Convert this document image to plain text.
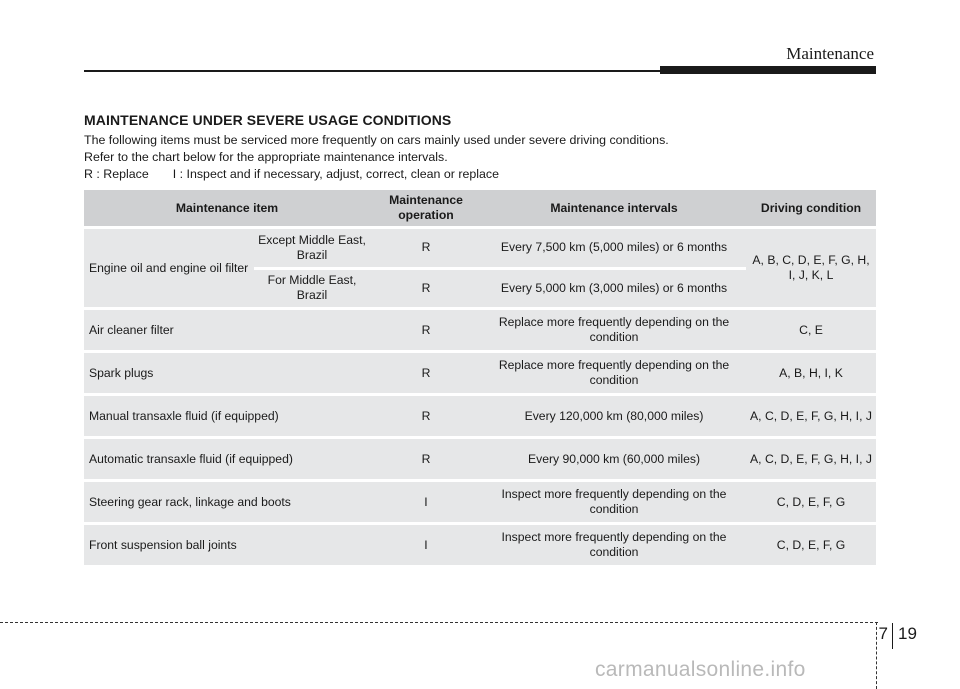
Maintenance
MAINTENANCE UNDER SEVERE USAGE CONDITIONS
The following items must be serviced more frequently on cars mainly used under severe driving conditions.
Refer to the chart below for the appropriate maintenance intervals.
R : Replace I : Inspect and if necessary, adjust, correct, clean or replace
Maintenance item		Maintenance operation	Maintenance intervals	Driving condition
Engine oil and engine oil filter	Except Middle East, Brazil	R	Every 7,500 km (5,000 miles) or 6 months	A, B, C, D, E, F, G, H, I, J, K, L
	For Middle East, Brazil	R	Every 5,000 km (3,000 miles) or 6 months	
Air cleaner filter		R	Replace more frequently depending on the condition	C, E
Spark plugs		R	Replace more frequently depending on the condition	A, B, H, I, K
Manual transaxle fluid (if equipped)		R	Every 120,000 km (80,000 miles)	A, C, D, E, F, G, H, I, J
Automatic transaxle fluid (if equipped)		R	Every 90,000 km (60,000 miles)	A, C, D, E, F, G, H, I, J
Steering gear rack, linkage and boots		I	Inspect more frequently depending on the condition	C, D, E, F, G
Front suspension ball joints		I	Inspect more frequently depending on the condition	C, D, E, F, G
7 19
carmanualsonline.info
